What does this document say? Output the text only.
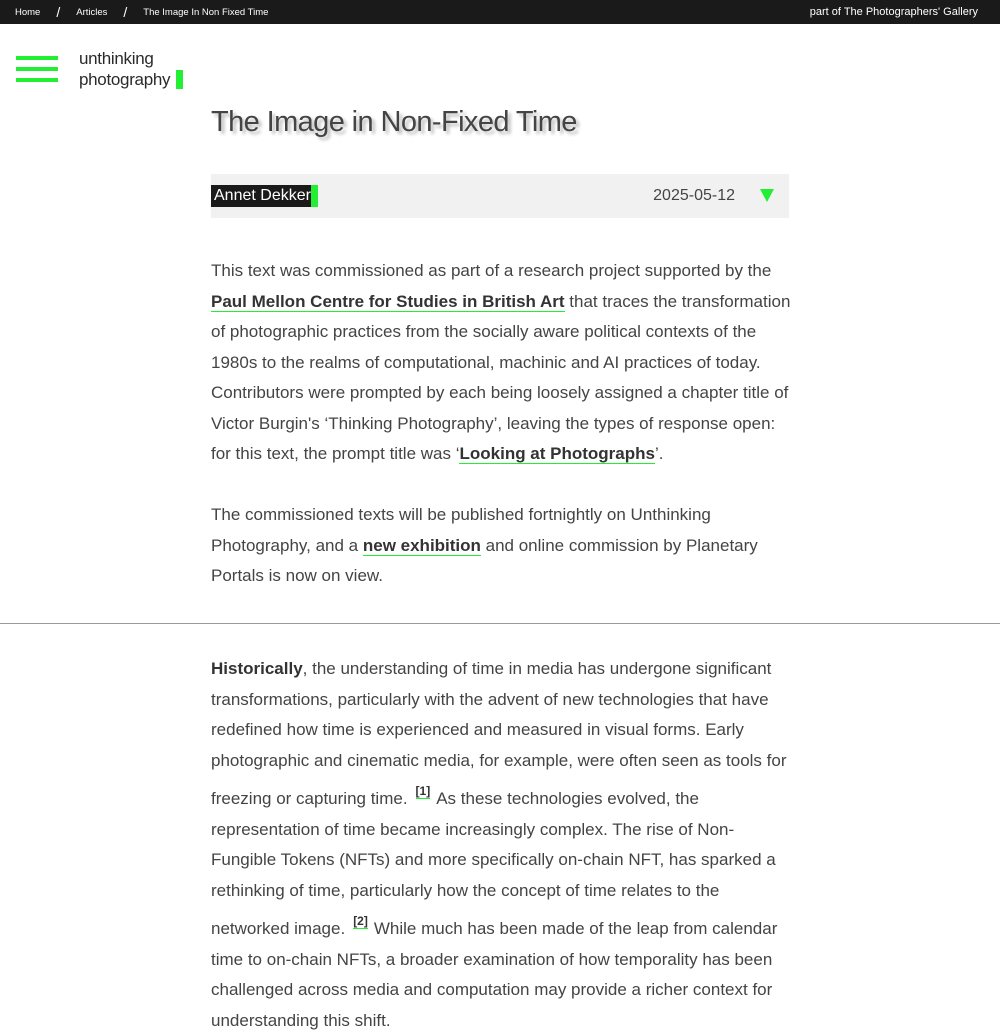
Home / Articles / The Image In Non Fixed Time	part of The Photographers' Gallery
unthinking
photography
The Image in Non-Fixed Time
Annet Dekker	2025-05-12

This text was commissioned as part of a research project supported by the Paul Mellon Centre for Studies in British Art that traces the transformation of photographic practices from the socially aware political contexts of the 1980s to the realms of computational, machinic and AI practices of today. Contributors were prompted by each being loosely assigned a chapter title of Victor Burgin's ‘Thinking Photography’, leaving the types of response open: for this text, the prompt title was ‘Looking at Photographs’.

The commissioned texts will be published fortnightly on Unthinking Photography, and a new exhibition and online commission by Planetary Portals is now on view.

Historically, the understanding of time in media has undergone significant transformations, particularly with the advent of new technologies that have redefined how time is experienced and measured in visual forms. Early photographic and cinematic media, for example, were often seen as tools for freezing or capturing time. [1] As these technologies evolved, the representation of time became increasingly complex. The rise of Non-Fungible Tokens (NFTs) and more specifically on-chain NFT, has sparked a rethinking of time, particularly how the concept of time relates to the networked image. [2] While much has been made of the leap from calendar time to on-chain NFTs, a broader examination of how temporality has been challenged across media and computation may provide a richer context for understanding this shift.
